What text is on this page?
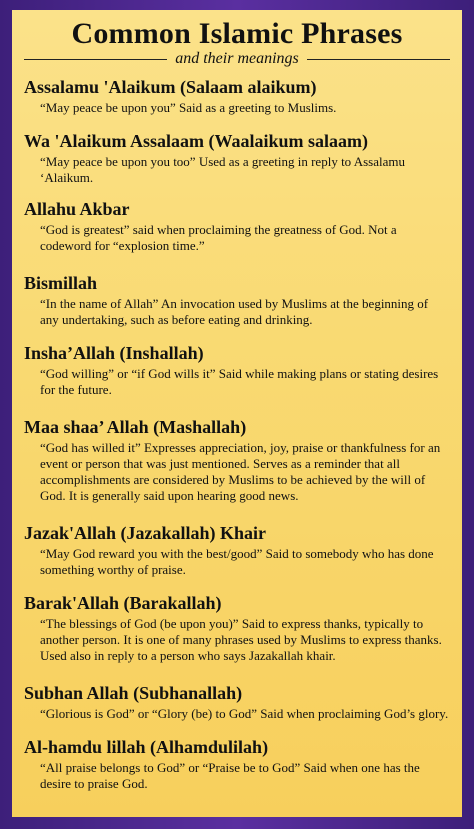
Common Islamic Phrases
and their meanings

Assalamu 'Alaikum (Salaam alaikum)

“May peace be upon you” Said as a greeting to Muslims.

Wa 'Alaikum Assalaam (Waalaikum salaam)

“May peace be upon you too” Used as a greeting in reply to Assalamu ‘Alaikum.

Allahu Akbar

“God is greatest” said when proclaiming the greatness of God. Not a codeword for “explosion time.”

Bismillah

“In the name of Allah” An invocation used by Muslims at the beginning of any undertaking, such as before eating and drinking.

Insha’Allah (Inshallah)

“God willing” or “if God wills it” Said while making plans or stating desires for the future.

Maa shaa’ Allah (Mashallah)

“God has willed it” Expresses appreciation, joy, praise or thankfulness for an event or person that was just mentioned. Serves as a reminder that all accomplishments are considered by Muslims to be achieved by the will of God. It is generally said upon hearing good news.

Jazak'Allah (Jazakallah) Khair

“May God reward you with the best/good” Said to somebody who has done something worthy of praise.

Barak'Allah (Barakallah)

“The blessings of God (be upon you)” Said to express thanks, typically to another person. It is one of many phrases used by Muslims to express thanks. Used also in reply to a person who says Jazakallah khair.

Subhan Allah (Subhanallah)

“Glorious is God” or “Glory (be) to God” Said when proclaiming God’s glory.

Al-hamdu lillah (Alhamdulilah)

“All praise belongs to God” or “Praise be to God” Said when one has the desire to praise God.
